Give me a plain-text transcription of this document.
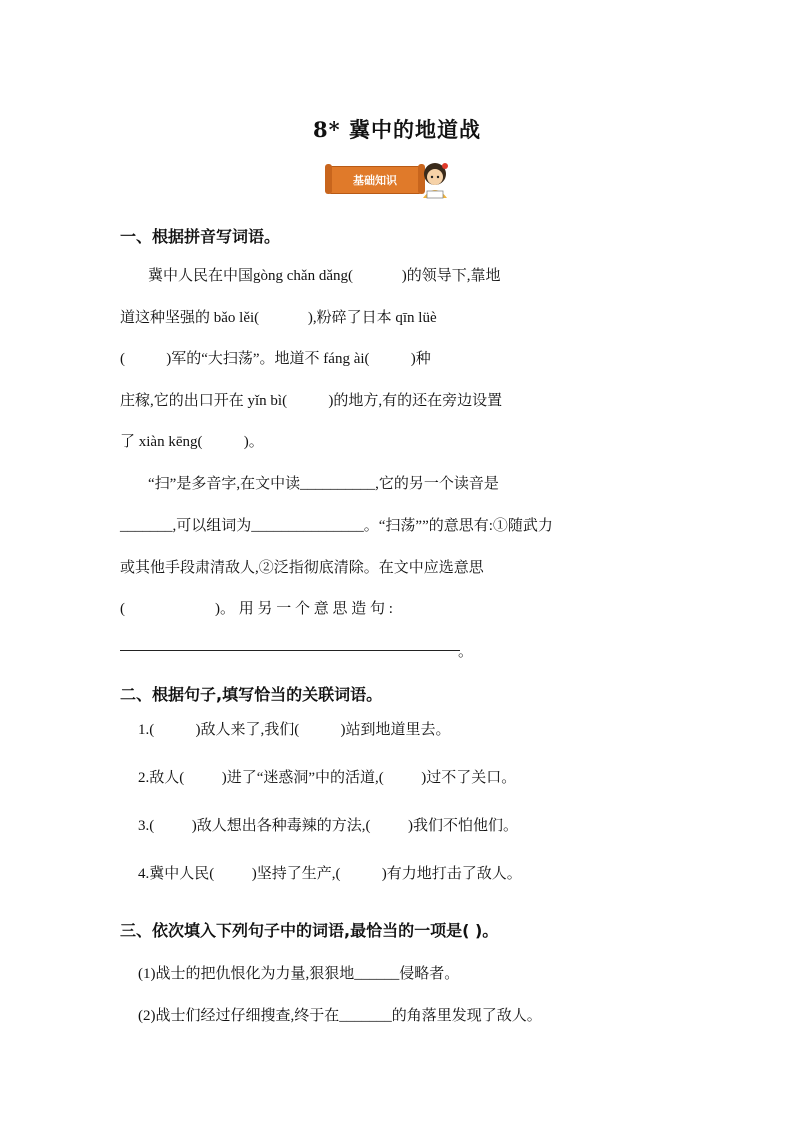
8* 冀中的地道战
基础知识
一、根据拼音写词语。
冀中人民在中国gòng chǎn dǎng(             )的领导下,靠地
道这种坚强的 bǎo lěi(             ),粉碎了日本 qīn lüè
(           )军的“大扫荡”。地道不 fáng ài(           )种
庄稼,它的出口开在 yǐn bì(           )的地方,有的还在旁边设置
了 xiàn kēng(           )。
“扫”是多音字,在文中读__________,它的另一个读音是
_______,可以组词为_______________。“扫荡””的意思有:①随武力
或其他手段肃清敌人,②泛指彻底清除。在文中应选意思
(                        )。 用 另 一 个 意 思 造 句 :
。
二、根据句子,填写恰当的关联词语。
1.(           )敌人来了,我们(           )站到地道里去。
2.敌人(          )进了“迷惑洞”中的活道,(          )过不了关口。
3.(          )敌人想出各种毒辣的方法,(          )我们不怕他们。
4.冀中人民(          )坚持了生产,(           )有力地打击了敌人。
三、依次填入下列句子中的词语,最恰当的一项是( )。
(1)战士的把仇恨化为力量,狠狠地______侵略者。
(2)战士们经过仔细搜查,终于在_______的角落里发现了敌人。
